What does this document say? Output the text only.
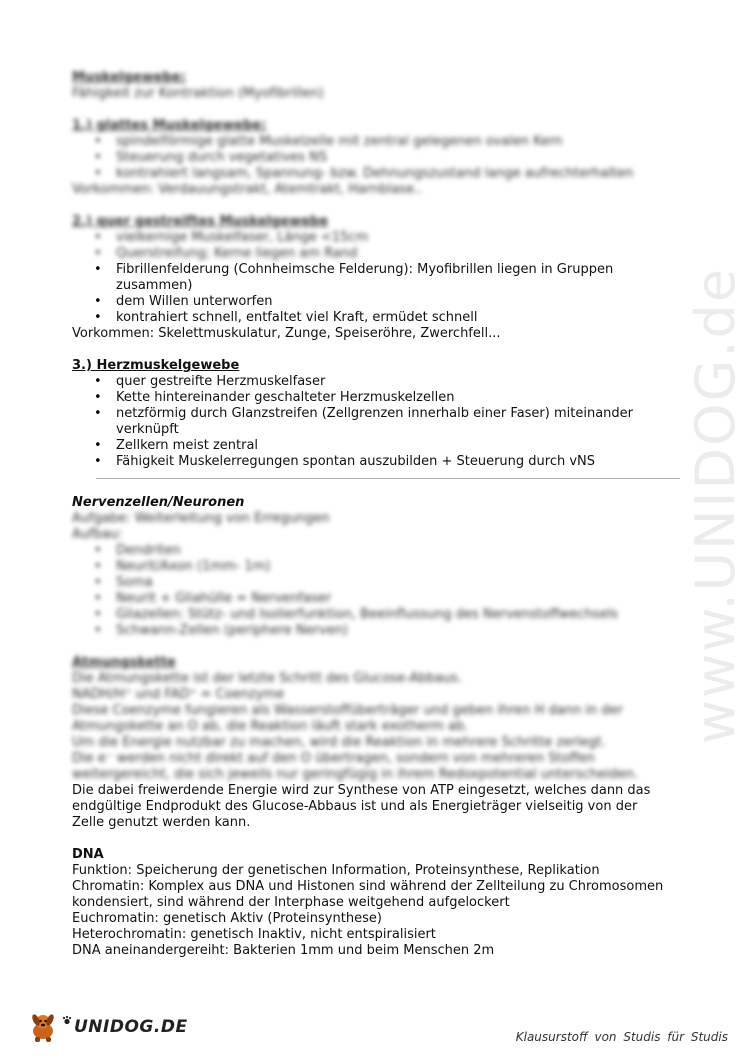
www.UNIDOG.de
Muskelgewebe:
Fähigkeit zur Kontraktion (Myofibrillen)
1.) glattes Muskelgewebe:
• spindelförmige glatte Muskelzelle mit zentral gelegenen ovalen Kern
• Steuerung durch vegetatives NS
• kontrahiert langsam, Spannung- bzw. Dehnungszustand lange aufrechterhalten
Vorkommen: Verdauungstrakt, Atemtrakt, Harnblase..
2.) quer gestreiftes Muskelgewebe
• vielkernige Muskelfaser, Länge <15cm
• Querstreifung; Kerne liegen am Rand
• Fibrillenfelderung (Cohnheimsche Felderung): Myofibrillen liegen in Gruppen zusammen)
• dem Willen unterworfen
• kontrahiert schnell, entfaltet viel Kraft, ermüdet schnell
Vorkommen: Skelettmuskulatur, Zunge, Speiseröhre, Zwerchfell...
3.) Herzmuskelgewebe
• quer gestreifte Herzmuskelfaser
• Kette hintereinander geschalteter Herzmuskelzellen
• netzförmig durch Glanzstreifen (Zellgrenzen innerhalb einer Faser) miteinander verknüpft
• Zellkern meist zentral
• Fähigkeit Muskelerregungen spontan auszubilden + Steuerung durch vNS
Nervenzellen/Neuronen
Aufgabe: Weiterleitung von Erregungen
Aufbau:
• Dendriten
• Neurit/Axon (1mm- 1m)
• Soma
• Neurit + Gliahülle = Nervenfaser
• Gliazellen: Stütz- und Isolierfunktion, Beeinflussung des Nervenstoffwechsels
• Schwann-Zellen (periphere Nerven)
Atmungskette
Die Atmungskette ist der letzte Schritt des Glucose-Abbaus.
NADH/H⁺ und FAD⁺ = Coenzyme
Diese Coenzyme fungieren als Wasserstoffüberträger und geben ihren H dann in der
Atmungskette an O ab, die Reaktion läuft stark exotherm ab.
Um die Energie nutzbar zu machen, wird die Reaktion in mehrere Schritte zerlegt.
Die e⁻ werden nicht direkt auf den O übertragen, sondern von mehreren Stoffen
weitergereicht, die sich jeweils nur geringfügig in ihrem Redoxpotential unterscheiden.
Die dabei freiwerdende Energie wird zur Synthese von ATP eingesetzt, welches dann das endgültige Endprodukt des Glucose-Abbaus ist und als Energieträger vielseitig von der Zelle genutzt werden kann.
DNA
Funktion: Speicherung der genetischen Information, Proteinsynthese, Replikation
Chromatin: Komplex aus DNA und Histonen sind während der Zellteilung zu Chromosomen kondensiert, sind während der Interphase weitgehend aufgelockert
Euchromatin: genetisch Aktiv (Proteinsynthese)
Heterochromatin: genetisch Inaktiv, nicht entspiralisiert
DNA aneinandergereiht: Bakterien 1mm und beim Menschen 2m
UNIDOG.DE	Klausurstoff von Studis für Studis
